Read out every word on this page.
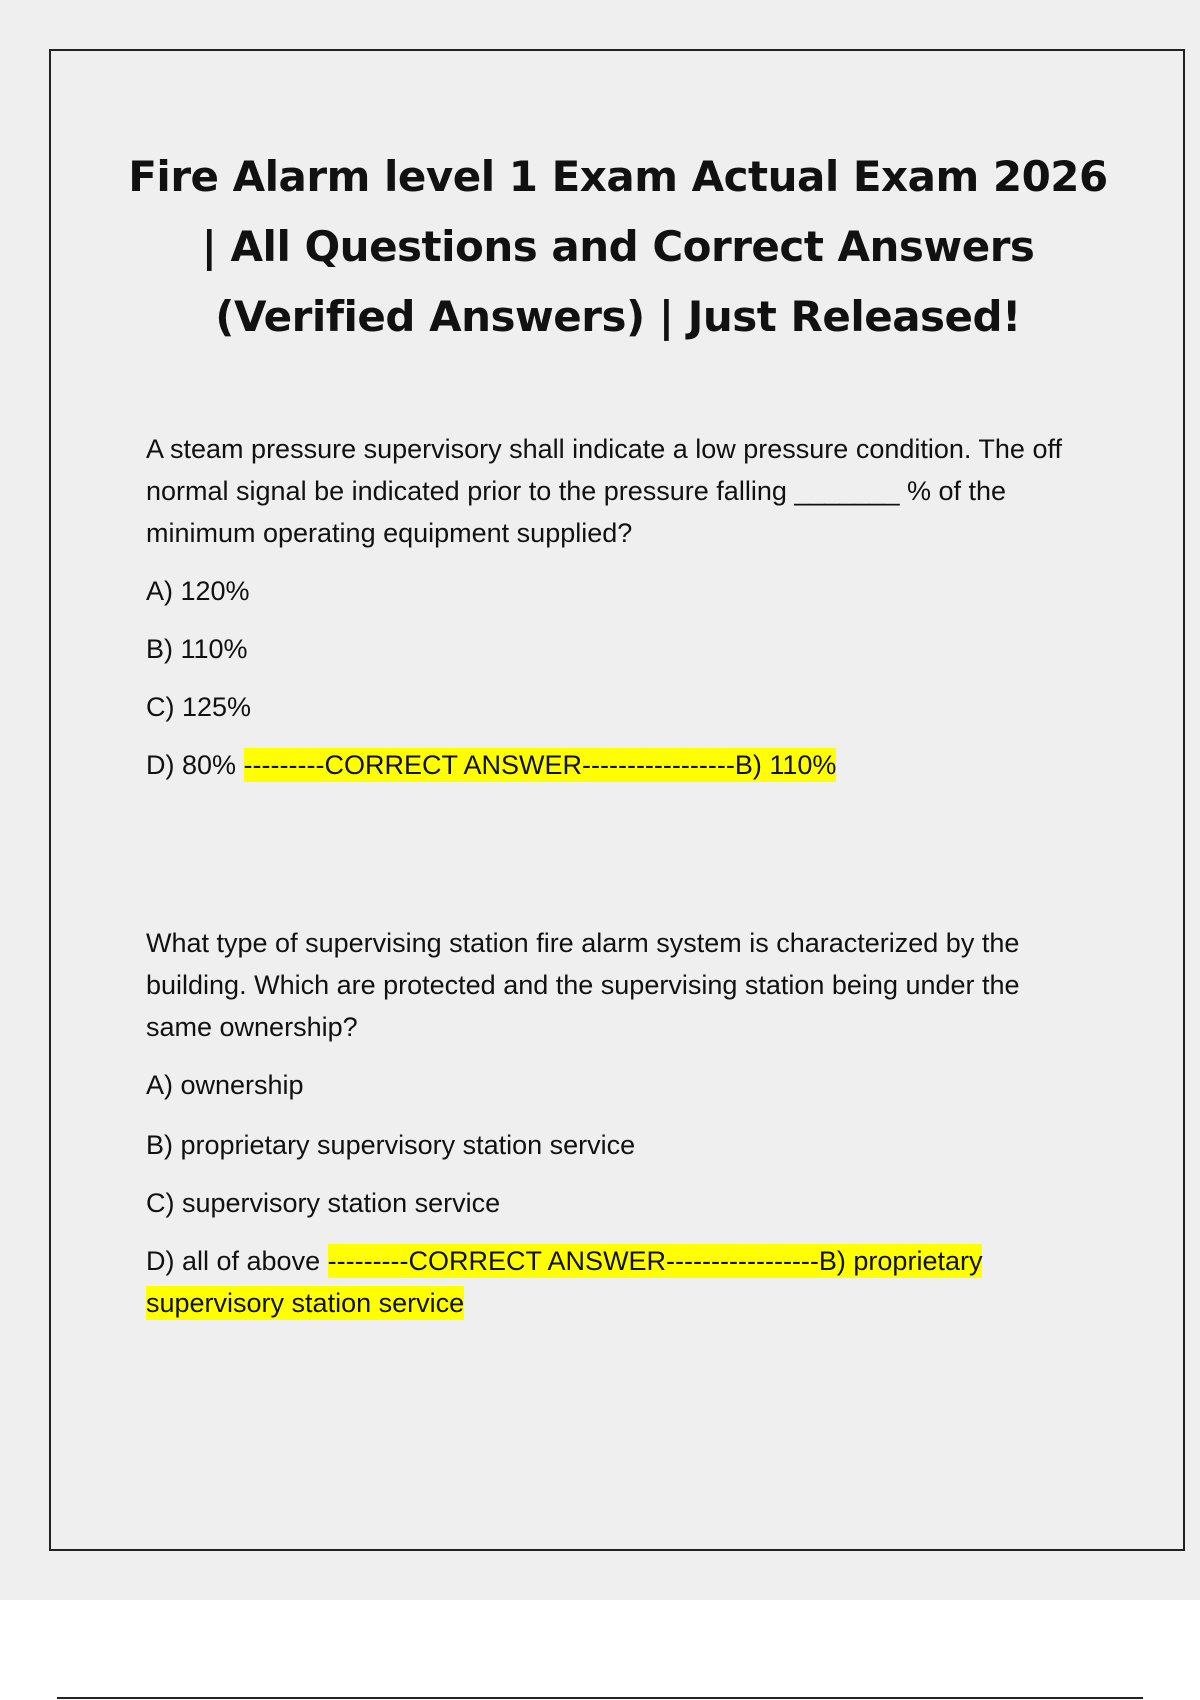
Fire Alarm level 1 Exam Actual Exam 2026 | All Questions and Correct Answers (Verified Answers) | Just Released!

A steam pressure supervisory shall indicate a low pressure condition. The off normal signal be indicated prior to the pressure falling _______ % of the minimum operating equipment supplied?

A) 120%

B) 110%

C) 125%

D) 80% ---------CORRECT ANSWER-----------------B) 110%

What type of supervising station fire alarm system is characterized by the building. Which are protected and the supervising station being under the same ownership?

A) ownership

B) proprietary supervisory station service

C) supervisory station service

D) all of above ---------CORRECT ANSWER-----------------B) proprietary supervisory station service
